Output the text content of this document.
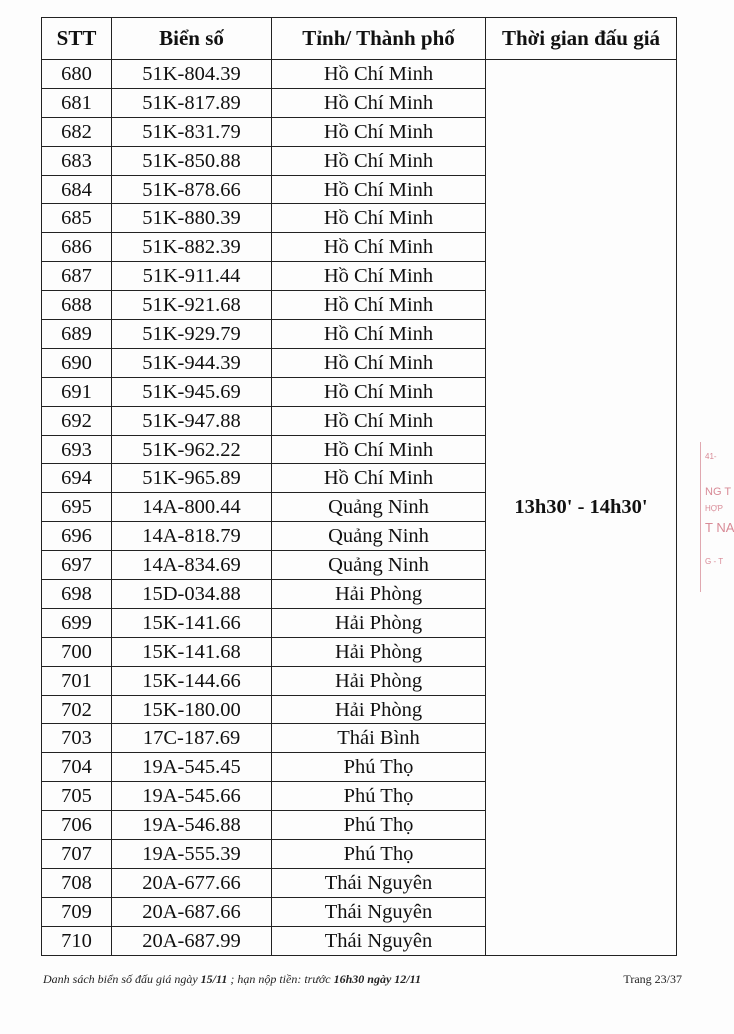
STT	Biển số	Tỉnh/ Thành phố	Thời gian đấu giá
680	51K-804.39	Hồ Chí Minh	13h30' - 14h30'
681	51K-817.89	Hồ Chí Minh	
682	51K-831.79	Hồ Chí Minh	
683	51K-850.88	Hồ Chí Minh	
684	51K-878.66	Hồ Chí Minh	
685	51K-880.39	Hồ Chí Minh	
686	51K-882.39	Hồ Chí Minh	
687	51K-911.44	Hồ Chí Minh	
688	51K-921.68	Hồ Chí Minh	
689	51K-929.79	Hồ Chí Minh	
690	51K-944.39	Hồ Chí Minh	
691	51K-945.69	Hồ Chí Minh	
692	51K-947.88	Hồ Chí Minh	
693	51K-962.22	Hồ Chí Minh	
694	51K-965.89	Hồ Chí Minh	
695	14A-800.44	Quảng Ninh	
696	14A-818.79	Quảng Ninh	
697	14A-834.69	Quảng Ninh	
698	15D-034.88	Hải Phòng	
699	15K-141.66	Hải Phòng	
700	15K-141.68	Hải Phòng	
701	15K-144.66	Hải Phòng	
702	15K-180.00	Hải Phòng	
703	17C-187.69	Thái Bình	
704	19A-545.45	Phú Thọ	
705	19A-545.66	Phú Thọ	
706	19A-546.88	Phú Thọ	
707	19A-555.39	Phú Thọ	
708	20A-677.66	Thái Nguyên	
709	20A-687.66	Thái Nguyên	
710	20A-687.99	Thái Nguyên	
Danh sách biển số đấu giá ngày 15/11 ; hạn nộp tiền: trước 16h30 ngày 12/11	Trang 23/37
41-
NG T
HỢP
T NA
G - T
